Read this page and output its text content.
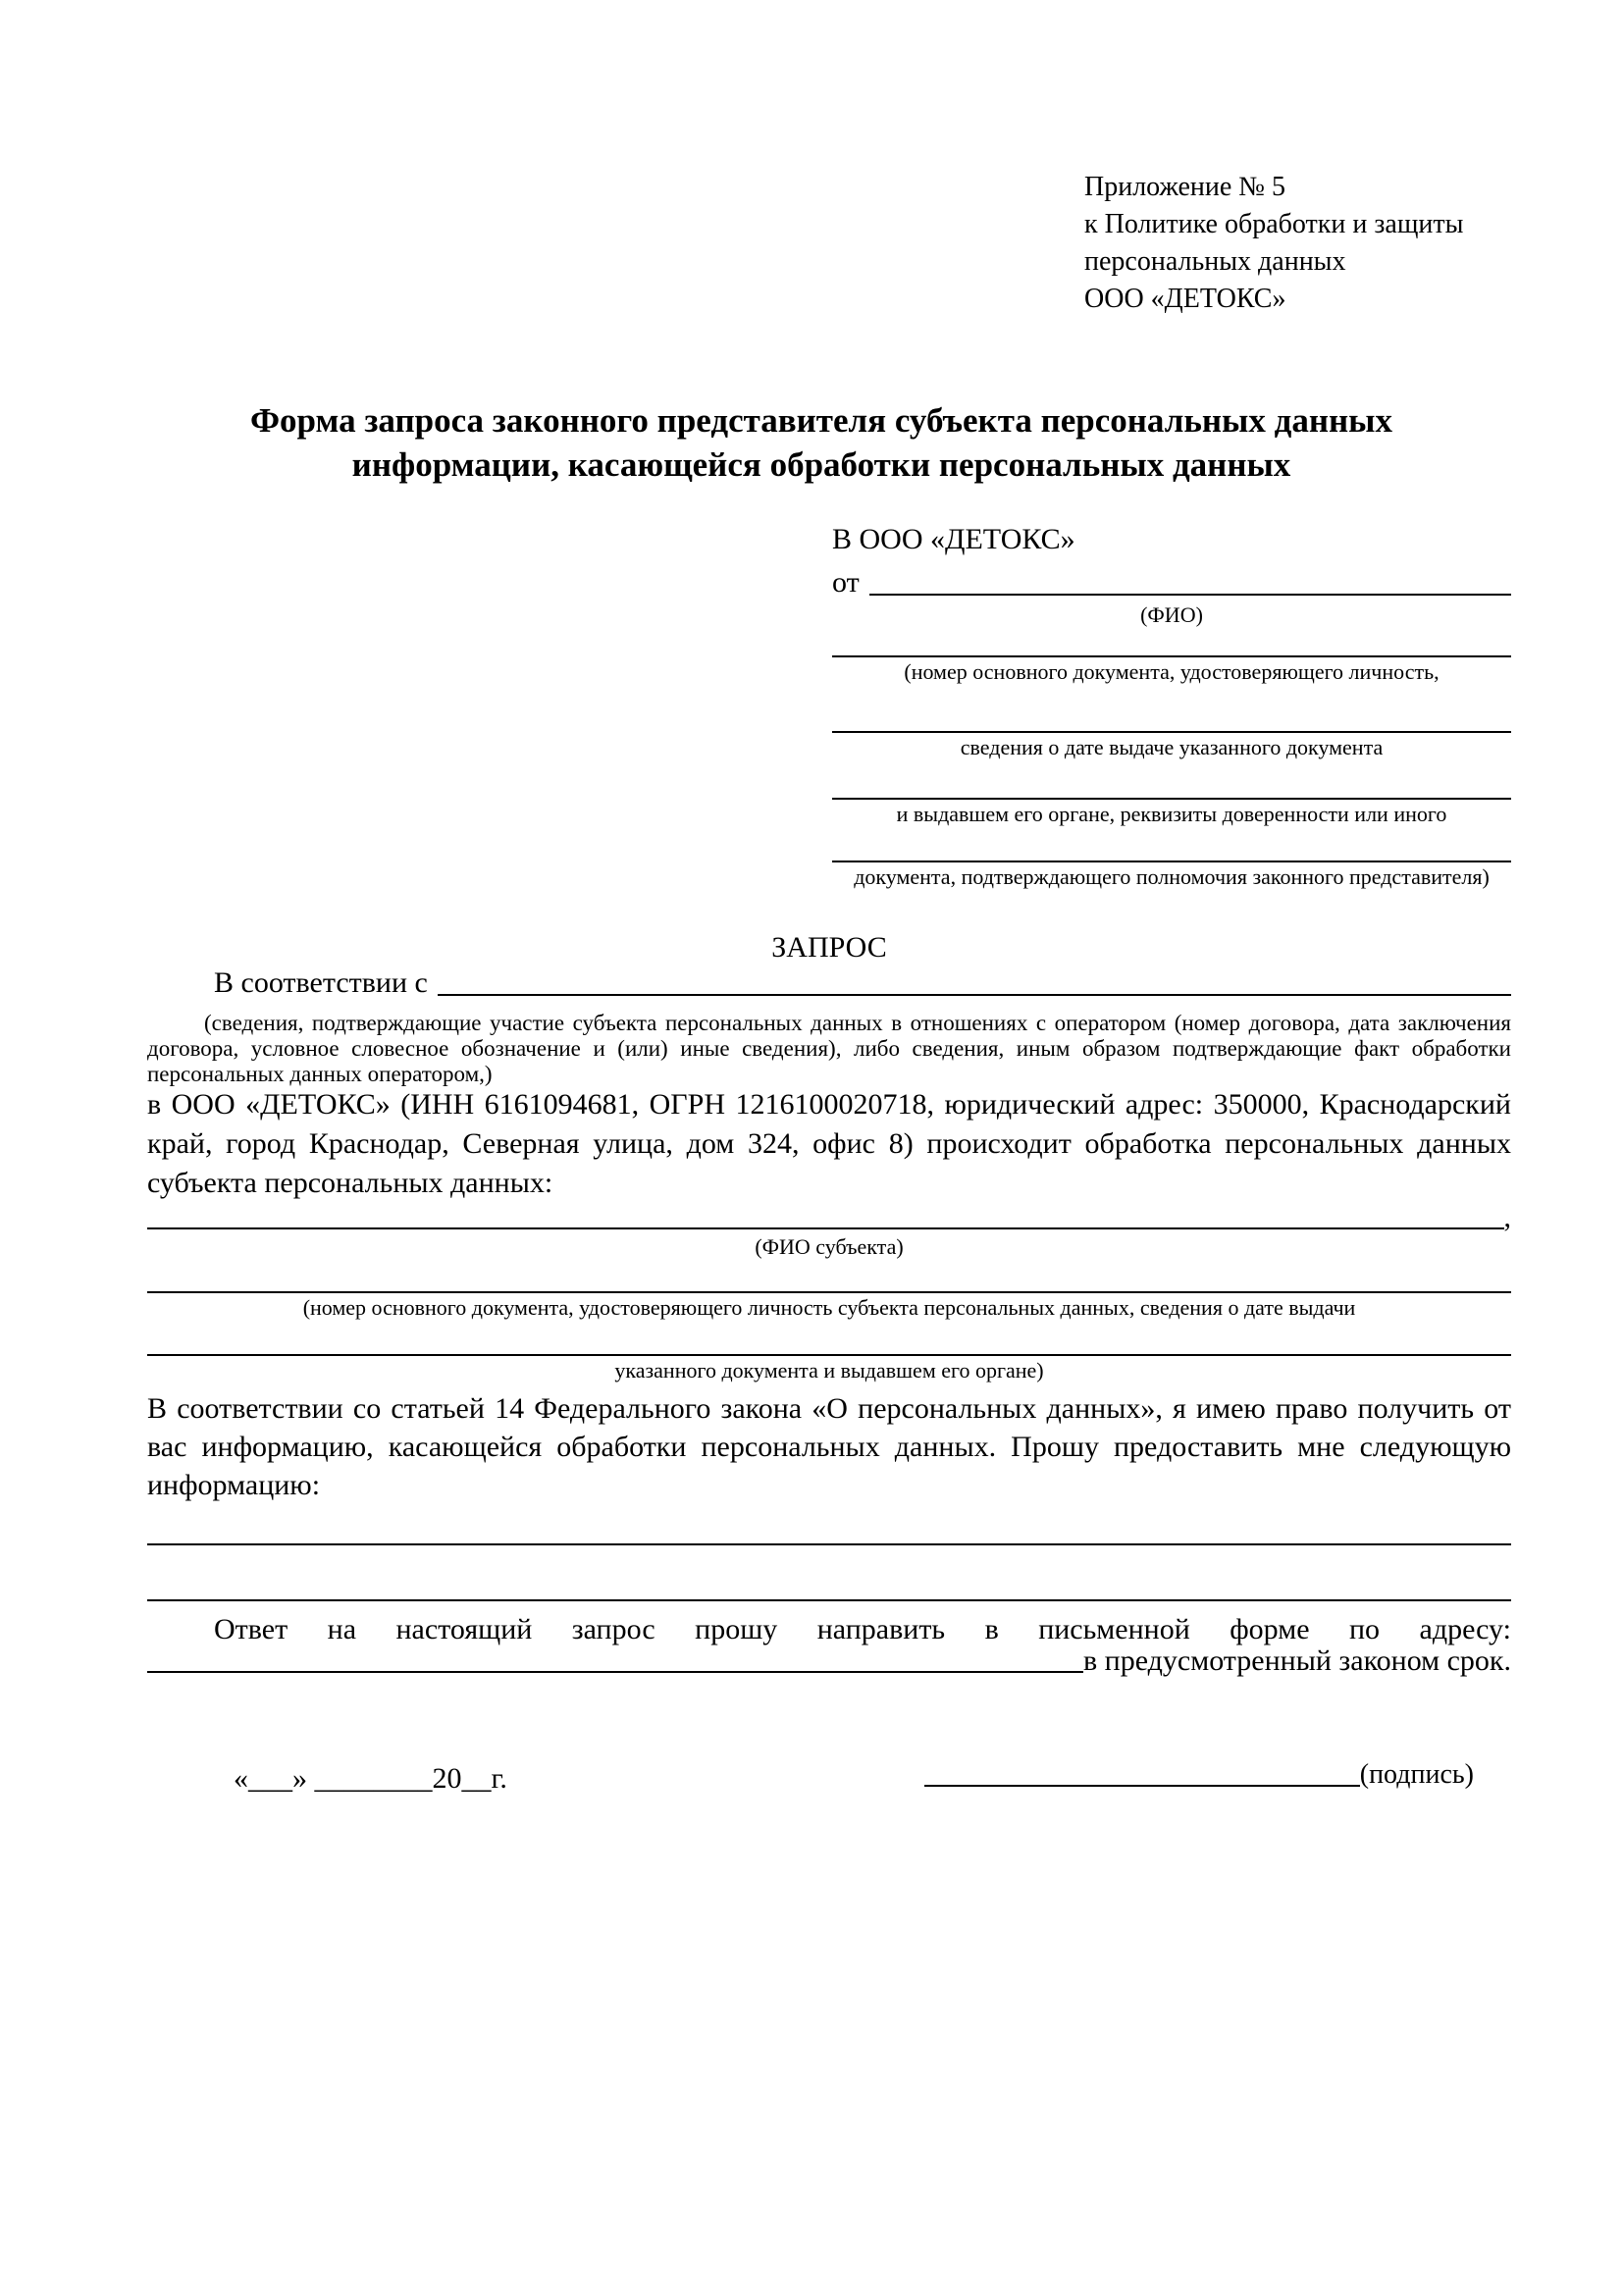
Приложение № 5
к Политике обработки и защиты
персональных данных
ООО «ДЕТОКС»
Форма запроса законного представителя субъекта персональных данных
информации, касающейся обработки персональных данных
В ООО «ДЕТОКС»
от
(ФИО)
(номер основного документа, удостоверяющего личность,
сведения о дате выдаче указанного документа
и выдавшем его органе, реквизиты доверенности или иного
документа, подтверждающего полномочия законного представителя)
ЗАПРОС
В соответствии с
(сведения, подтверждающие участие субъекта персональных данных в отношениях с оператором (номер договора, дата заключения договора, условное словесное обозначение и (или) иные сведения), либо сведения, иным образом подтверждающие факт обработки персональных данных оператором,)
в ООО «ДЕТОКС» (ИНН 6161094681, ОГРН 1216100020718, юридический адрес: 350000, Краснодарский край, город Краснодар, Северная улица, дом 324, офис 8) происходит обработка персональных данных субъекта персональных данных:
,
(ФИО субъекта)
(номер основного документа, удостоверяющего личность субъекта персональных данных, сведения о дате выдачи
указанного документа и выдавшем его органе)
В соответствии со статьей 14 Федерального закона «О персональных данных», я имею право получить от вас информацию, касающейся обработки персональных данных. Прошу предоставить мне следующую информацию:
Ответ на настоящий запрос прошу направить в письменной форме по адресу:
в предусмотренный законом срок.
«___» ________20__г.	(подпись)
